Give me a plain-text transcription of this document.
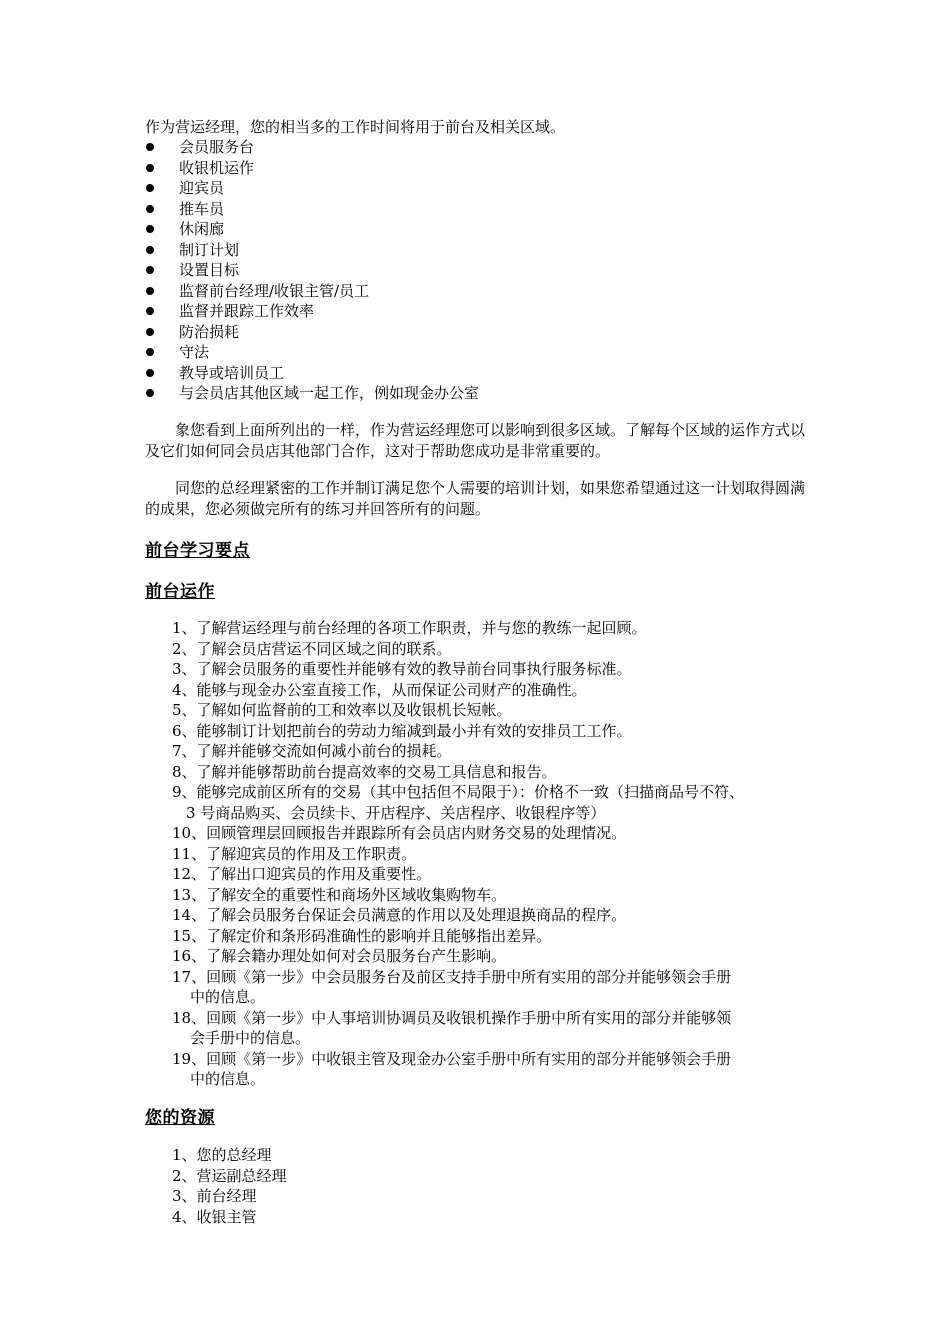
作为营运经理，您的相当多的工作时间将用于前台及相关区域。
会员服务台
收银机运作
迎宾员
推车员
休闲廊
制订计划
设置目标
监督前台经理/收银主管/员工
监督并跟踪工作效率
防治损耗
守法
教导或培训员工
与会员店其他区域一起工作，例如现金办公室
象您看到上面所列出的一样，作为营运经理您可以影响到很多区域。了解每个区域的运作方式以及它们如何同会员店其他部门合作，这对于帮助您成功是非常重要的。
同您的总经理紧密的工作并制订满足您个人需要的培训计划，如果您希望通过这一计划取得圆满的成果，您必须做完所有的练习并回答所有的问题。
前台学习要点
前台运作
1、了解营运经理与前台经理的各项工作职责，并与您的教练一起回顾。
2、了解会员店营运不同区域之间的联系。
3、了解会员服务的重要性并能够有效的教导前台同事执行服务标准。
4、能够与现金办公室直接工作，从而保证公司财产的准确性。
5、了解如何监督前的工和效率以及收银机长短帐。
6、能够制订计划把前台的劳动力缩减到最小并有效的安排员工工作。
7、了解并能够交流如何减小前台的损耗。
8、了解并能够帮助前台提高效率的交易工具信息和报告。
9、能够完成前区所有的交易（其中包括但不局限于）：价格不一致（扫描商品号不符、
3 号商品购买、会员续卡、开店程序、关店程序、收银程序等）
10、回顾管理层回顾报告并跟踪所有会员店内财务交易的处理情况。
11、了解迎宾员的作用及工作职责。
12、了解出口迎宾员的作用及重要性。
13、了解安全的重要性和商场外区域收集购物车。
14、了解会员服务台保证会员满意的作用以及处理退换商品的程序。
15、了解定价和条形码准确性的影响并且能够指出差异。
16、了解会籍办理处如何对会员服务台产生影响。
17、回顾《第一步》中会员服务台及前区支持手册中所有实用的部分并能够领会手册
中的信息。
18、回顾《第一步》中人事培训协调员及收银机操作手册中所有实用的部分并能够领
会手册中的信息。
19、回顾《第一步》中收银主管及现金办公室手册中所有实用的部分并能够领会手册
中的信息。
您的资源
1、您的总经理
2、营运副总经理
3、前台经理
4、收银主管
